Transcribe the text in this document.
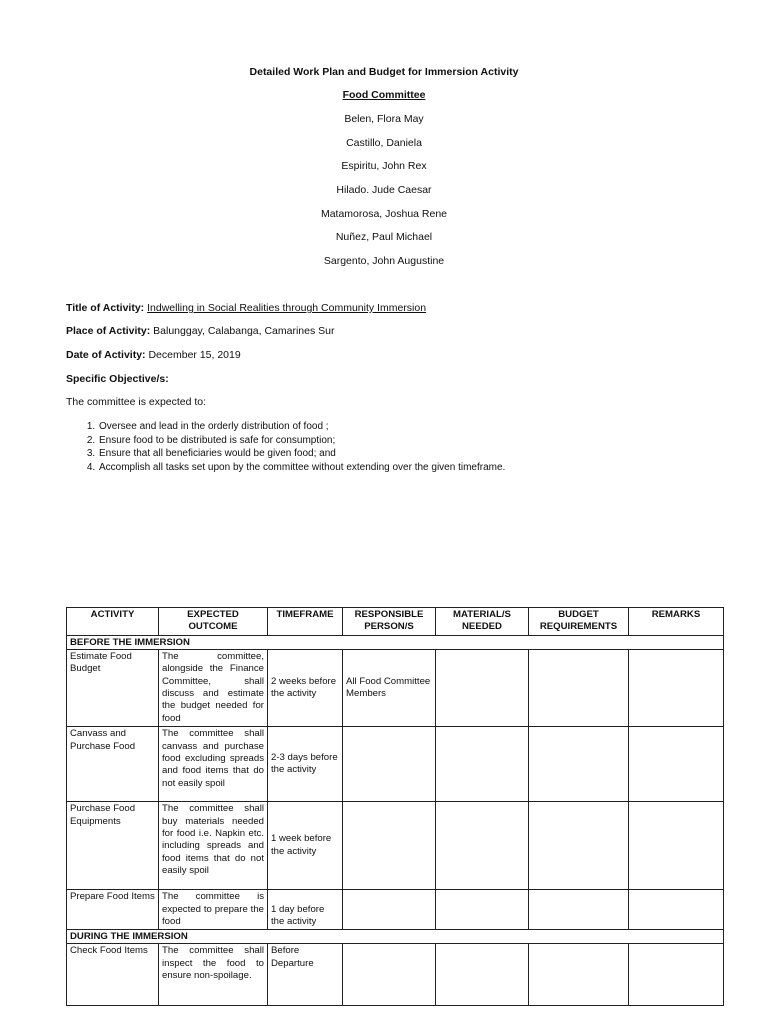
Detailed Work Plan and Budget for Immersion Activity
Food Committee
Belen, Flora May
Castillo, Daniela
Espiritu, John Rex
Hilado. Jude Caesar
Matamorosa, Joshua Rene
Nuñez, Paul Michael
Sargento, John Augustine
Title of Activity: Indwelling in Social Realities through Community Immersion
Place of Activity: Balunggay, Calabanga, Camarines Sur
Date of Activity: December 15, 2019
Specific Objective/s:
The committee is expected to:
1. Oversee and lead in the orderly distribution of food ;
2. Ensure food to be distributed is safe for consumption;
3. Ensure that all beneficiaries would be given food; and
4. Accomplish all tasks set upon by the committee without extending over the given timeframe.
ACTIVITY	EXPECTED OUTCOME	TIMEFRAME	RESPONSIBLE PERSON/S	MATERIAL/S NEEDED	BUDGET REQUIREMENTS	REMARKS
BEFORE THE IMMERSION						
Estimate Food Budget	The committee, alongside the Finance Committee, shall discuss and estimate the budget needed for food	2 weeks before the activity	All Food Committee Members			
Canvass and Purchase Food	The committee shall canvass and purchase food excluding spreads and food items that do not easily spoil	2-3 days before the activity				
Purchase Food Equipments	The committee shall buy materials needed for food i.e. Napkin etc. including spreads and food items that do not easily spoil	1 week before the activity				
Prepare Food Items	The committee is expected to prepare the food	1 day before the activity				
DURING THE IMMERSION						
Check Food Items	The committee shall inspect the food to ensure non-spoilage.	Before Departure				
